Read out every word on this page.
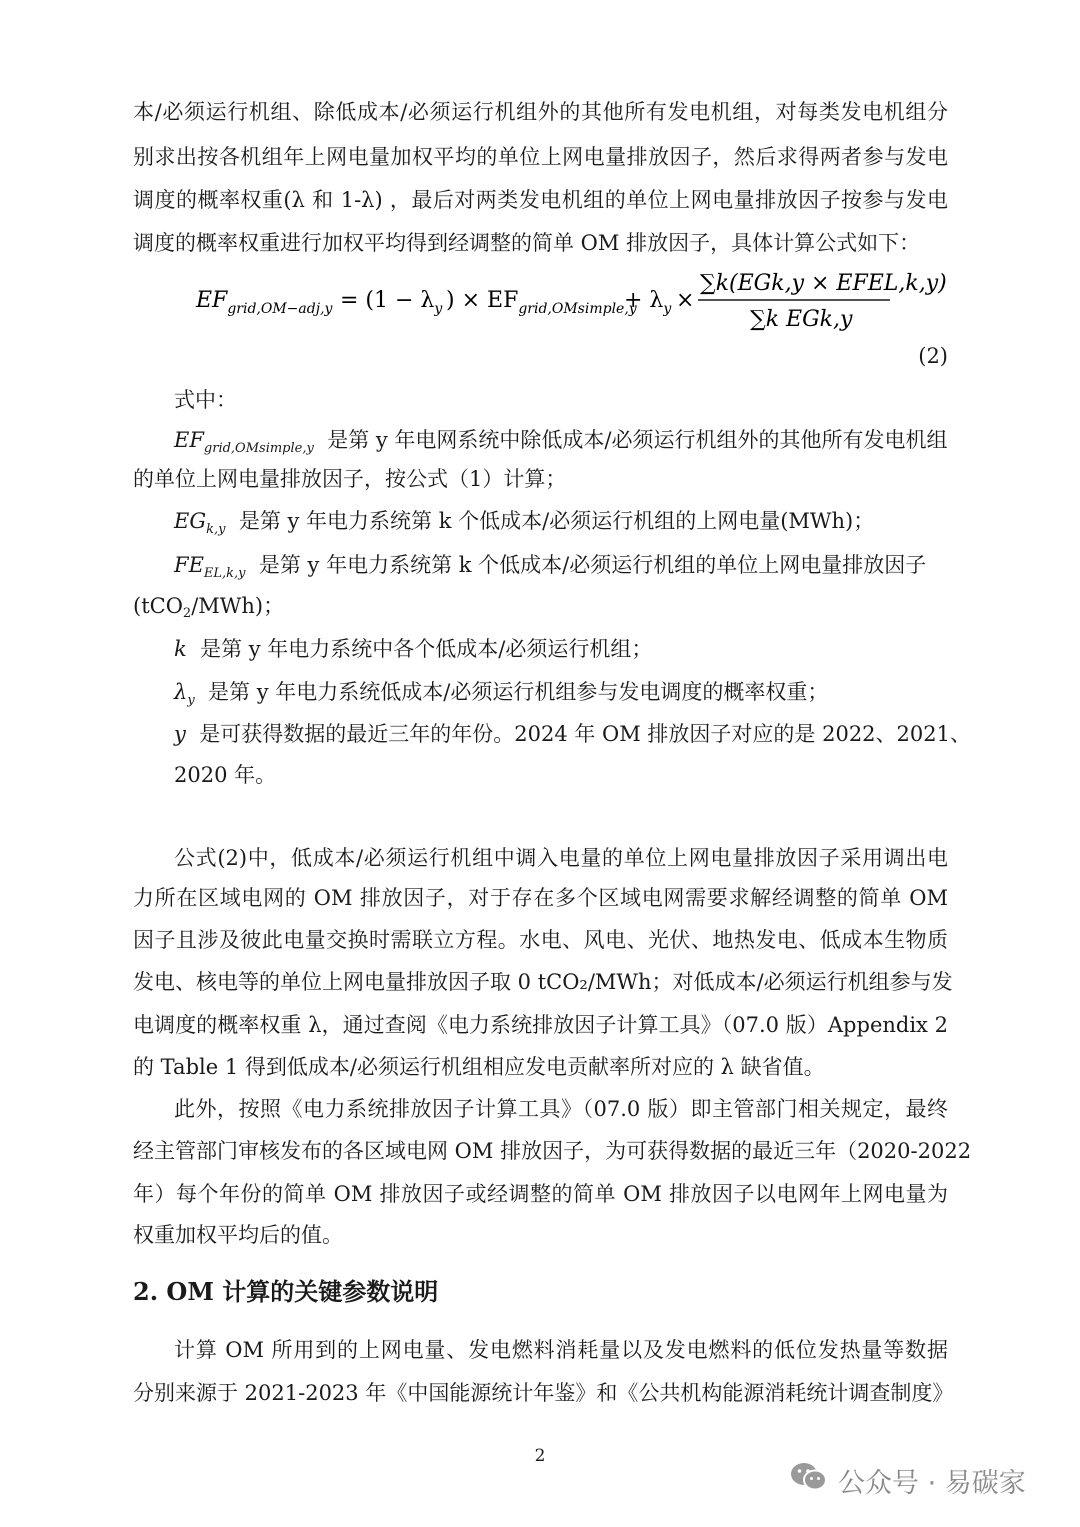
本/必须运行机组、除低成本/必须运行机组外的其他所有发电机组，对每类发电机组分

别求出按各机组年上网电量加权平均的单位上网电量排放因子，然后求得两者参与发电

调度的概率权重(λ 和 1-λ) ，最后对两类发电机组的单位上网电量排放因子按参与发电

调度的概率权重进行加权平均得到经调整的简单 OM 排放因子，具体计算公式如下：

$EF_{grid,OM-adj,y} = (1 - \lambda_y$ ) × $EF_{grid,OMsimple,y}$
+ $\lambda_y$ ×
∑k(EGk,y × EFEL,k,y)
∑k EGk,y

(2)

式中：

$EF_{grid,OMsimple,y}$ 是第 y 年电网系统中除低成本/必须运行机组外的其他所有发电机组

的单位上网电量排放因子，按公式（1）计算；

$EG_{k,y}$ 是第 y 年电力系统第 k 个低成本/必须运行机组的上网电量(MWh)；

$FE_{EL,k,y}$ 是第 y 年电力系统第 k 个低成本/必须运行机组的单位上网电量排放因子

(tCO2/MWh)；

k 是第 y 年电力系统中各个低成本/必须运行机组；

$\lambda_y$ 是第 y 年电力系统低成本/必须运行机组参与发电调度的概率权重；

y 是可获得数据的最近三年的年份。2024 年 OM 排放因子对应的是 2022、2021、

2020 年。

公式(2)中，低成本/必须运行机组中调入电量的单位上网电量排放因子采用调出电

力所在区域电网的 OM 排放因子，对于存在多个区域电网需要求解经调整的简单 OM

因子且涉及彼此电量交换时需联立方程。水电、风电、光伏、地热发电、低成本生物质

发电、核电等的单位上网电量排放因子取 0 tCO₂/MWh；对低成本/必须运行机组参与发

电调度的概率权重 λ，通过查阅《电力系统排放因子计算工具》（07.0 版）Appendix 2

的 Table 1 得到低成本/必须运行机组相应发电贡献率所对应的 λ 缺省值。

此外，按照《电力系统排放因子计算工具》（07.0 版）即主管部门相关规定，最终

经主管部门审核发布的各区域电网 OM 排放因子，为可获得数据的最近三年（2020-2022

年）每个年份的简单 OM 排放因子或经调整的简单 OM 排放因子以电网年上网电量为

权重加权平均后的值。

2. OM 计算的关键参数说明

计算 OM 所用到的上网电量、发电燃料消耗量以及发电燃料的低位发热量等数据

分别来源于 2021-2023 年《中国能源统计年鉴》和《公共机构能源消耗统计调查制度》

2
公众号 · 易碳家
